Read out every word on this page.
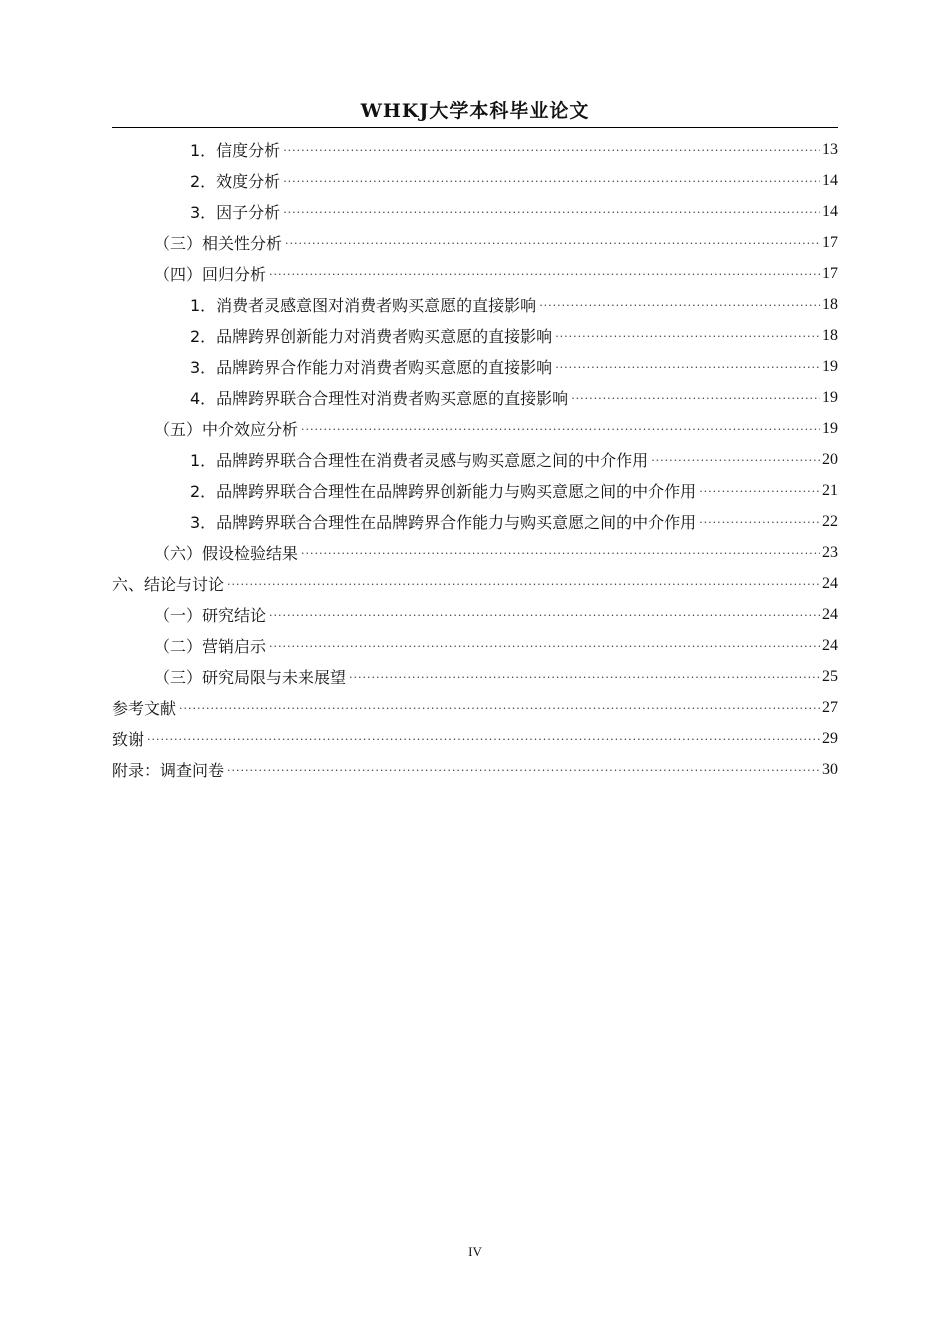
WHKJ大学本科毕业论文
1．信度分析 .....	13
2．效度分析 .....	14
3．因子分析 .....	14
（三）相关性分析 .....	17
（四）回归分析 .....	17
1．消费者灵感意图对消费者购买意愿的直接影响 .....	18
2．品牌跨界创新能力对消费者购买意愿的直接影响 .....	18
3．品牌跨界合作能力对消费者购买意愿的直接影响 .....	19
4．品牌跨界联合合理性对消费者购买意愿的直接影响 .....	19
（五）中介效应分析 .....	19
1．品牌跨界联合合理性在消费者灵感与购买意愿之间的中介作用 .....	20
2．品牌跨界联合合理性在品牌跨界创新能力与购买意愿之间的中介作用 .....	21
3．品牌跨界联合合理性在品牌跨界合作能力与购买意愿之间的中介作用 .....	22
（六）假设检验结果 .....	23
六、结论与讨论 .....	24
（一）研究结论 .....	24
（二）营销启示 .....	24
（三）研究局限与未来展望 .....	25
参考文献 .....	27
致谢 .....	29
附录：调查问卷 .....	30
IV
